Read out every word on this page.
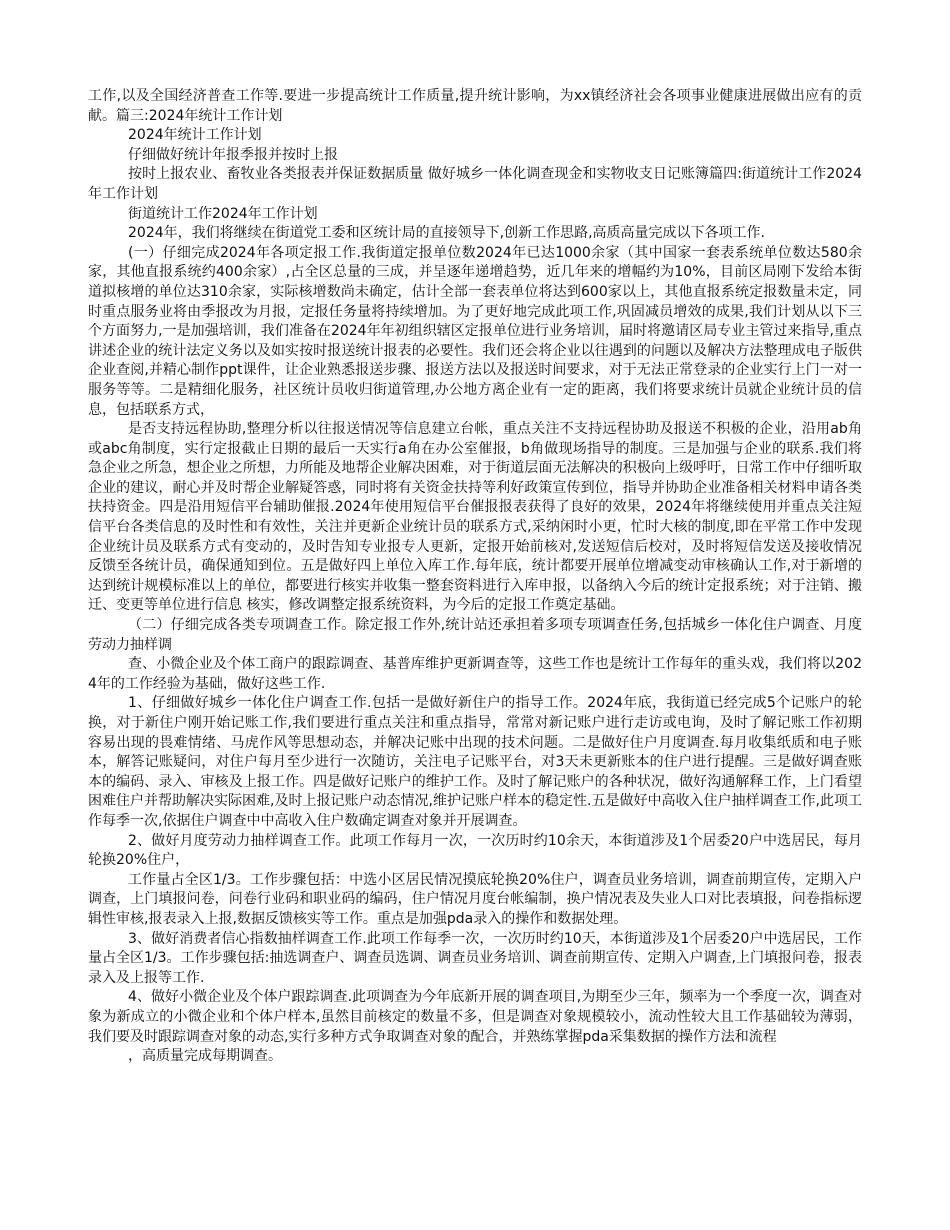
工作,以及全国经济普查工作等.要进一步提高统计工作质量,提升统计影响，为xx镇经济社会各项事业健康进展做出应有的贡献。篇三:2024年统计工作计划

2024年统计工作计划

仔细做好统计年报季报并按时上报

按时上报农业、畜牧业各类报表并保证数据质量 做好城乡一体化调查现金和实物收支日记账簿篇四:街道统计工作2024年工作计划

街道统计工作2024年工作计划

2024年，我们将继续在街道党工委和区统计局的直接领导下,创新工作思路,高质高量完成以下各项工作.

(一）仔细完成2024年各项定报工作.我街道定报单位数2024年已达1000余家（其中国家一套表系统单位数达580余家，其他直报系统约400余家）,占全区总量的三成，并呈逐年递增趋势，近几年来的增幅约为10%，目前区局刚下发给本街道拟核增的单位达310余家，实际核增数尚未确定，估计全部一套表单位将达到600家以上，其他直报系统定报数量未定，同时重点服务业将由季报改为月报，定报任务量将持续增加。为了更好地完成此项工作,巩固减员增效的成果,我们计划从以下三个方面努力,一是加强培训，我们准备在2024年年初组织辖区定报单位进行业务培训，届时将邀请区局专业主管过来指导,重点讲述企业的统计法定义务以及如实按时报送统计报表的必要性。我们还会将企业以往遇到的问题以及解决方法整理成电子版供企业查阅,并精心制作ppt课件，让企业熟悉报送步骤、报送方法以及报送时间要求，对于无法正常登录的企业实行上门一对一服务等等。二是精细化服务，社区统计员收归街道管理,办公地方离企业有一定的距离，我们将要求统计员就企业统计员的信息，包括联系方式，

是否支持远程协助,整理分析以往报送情况等信息建立台帐，重点关注不支持远程协助及报送不积极的企业，沿用ab角或abc角制度，实行定报截止日期的最后一天实行a角在办公室催报，b角做现场指导的制度。三是加强与企业的联系.我们将急企业之所急，想企业之所想，力所能及地帮企业解决困难，对于街道层面无法解决的积极向上级呼吁，日常工作中仔细听取企业的建议，耐心并及时帮企业解疑答惑，同时将有关资金扶持等利好政策宣传到位，指导并协助企业准备相关材料申请各类扶持资金。四是沿用短信平台辅助催报.2024年使用短信平台催报报表获得了良好的效果，2024年将继续使用并重点关注短信平台各类信息的及时性和有效性，关注并更新企业统计员的联系方式,采纳闲时小更，忙时大核的制度,即在平常工作中发现企业统计员及联系方式有变动的，及时告知专业报专人更新，定报开始前核对,发送短信后校对，及时将短信发送及接收情况反馈至各统计员，确保通知到位。五是做好四上单位入库工作.每年底，统计都要开展单位增减变动审核确认工作,对于新增的达到统计规模标准以上的单位，都要进行核实并收集一整套资料进行入库申报，以备纳入今后的统计定报系统；对于注销、搬迁、变更等单位进行信息 核实，修改调整定报系统资料，为今后的定报工作奠定基础。

（二）仔细完成各类专项调查工作。除定报工作外,统计站还承担着多项专项调查任务,包括城乡一体化住户调查、月度劳动力抽样调

查、小微企业及个体工商户的跟踪调查、基普库维护更新调查等，这些工作也是统计工作每年的重头戏，我们将以2024年的工作经验为基础，做好这些工作.

1、仔细做好城乡一体化住户调查工作.包括一是做好新住户的指导工作。2024年底，我街道已经完成5个记账户的轮换，对于新住户刚开始记账工作,我们要进行重点关注和重点指导，常常对新记账户进行走访或电询，及时了解记账工作初期容易出现的畏难情绪、马虎作风等思想动态，并解决记账中出现的技术问题。二是做好住户月度调查.每月收集纸质和电子账本，解答记账疑问，对住户每月至少进行一次随访，关注电子记账平台，对3天未更新账本的住户进行提醒。三是做好调查账本的编码、录入、审核及上报工作。四是做好记账户的维护工作。及时了解记账户的各种状况，做好沟通解释工作，上门看望困难住户并帮助解决实际困难,及时上报记账户动态情况,维护记账户样本的稳定性.五是做好中高收入住户抽样调查工作,此项工作每季一次,依据住户调查中中高收入住户数确定调查对象并开展调查。

2、做好月度劳动力抽样调查工作。此项工作每月一次，一次历时约10余天，本街道涉及1个居委20户中选居民，每月轮换20%住户，

工作量占全区1/3。工作步骤包括：中选小区居民情况摸底轮换20%住户，调查员业务培训，调查前期宣传，定期入户调查，上门填报问卷，问卷行业码和职业码的编码，住户情况月度台帐编制，换户情况表及失业人口对比表填报，问卷指标逻辑性审核,报表录入上报,数据反馈核实等工作。重点是加强pda录入的操作和数据处理。

3、做好消费者信心指数抽样调查工作.此项工作每季一次，一次历时约10天，本街道涉及1个居委20户中选居民，工作量占全区1/3。工作步骤包括:抽选调查户、调查员选调、调查员业务培训、调查前期宣传、定期入户调查,上门填报问卷，报表录入及上报等工作.

4、做好小微企业及个体户跟踪调查.此项调查为今年底新开展的调查项目,为期至少三年，频率为一个季度一次，调查对象为新成立的小微企业和个体户样本,虽然目前核定的数量不多，但是调查对象规模较小，流动性较大且工作基础较为薄弱，我们要及时跟踪调查对象的动态,实行多种方式争取调查对象的配合，并熟练掌握pda采集数据的操作方法和流程

，高质量完成每期调查。
